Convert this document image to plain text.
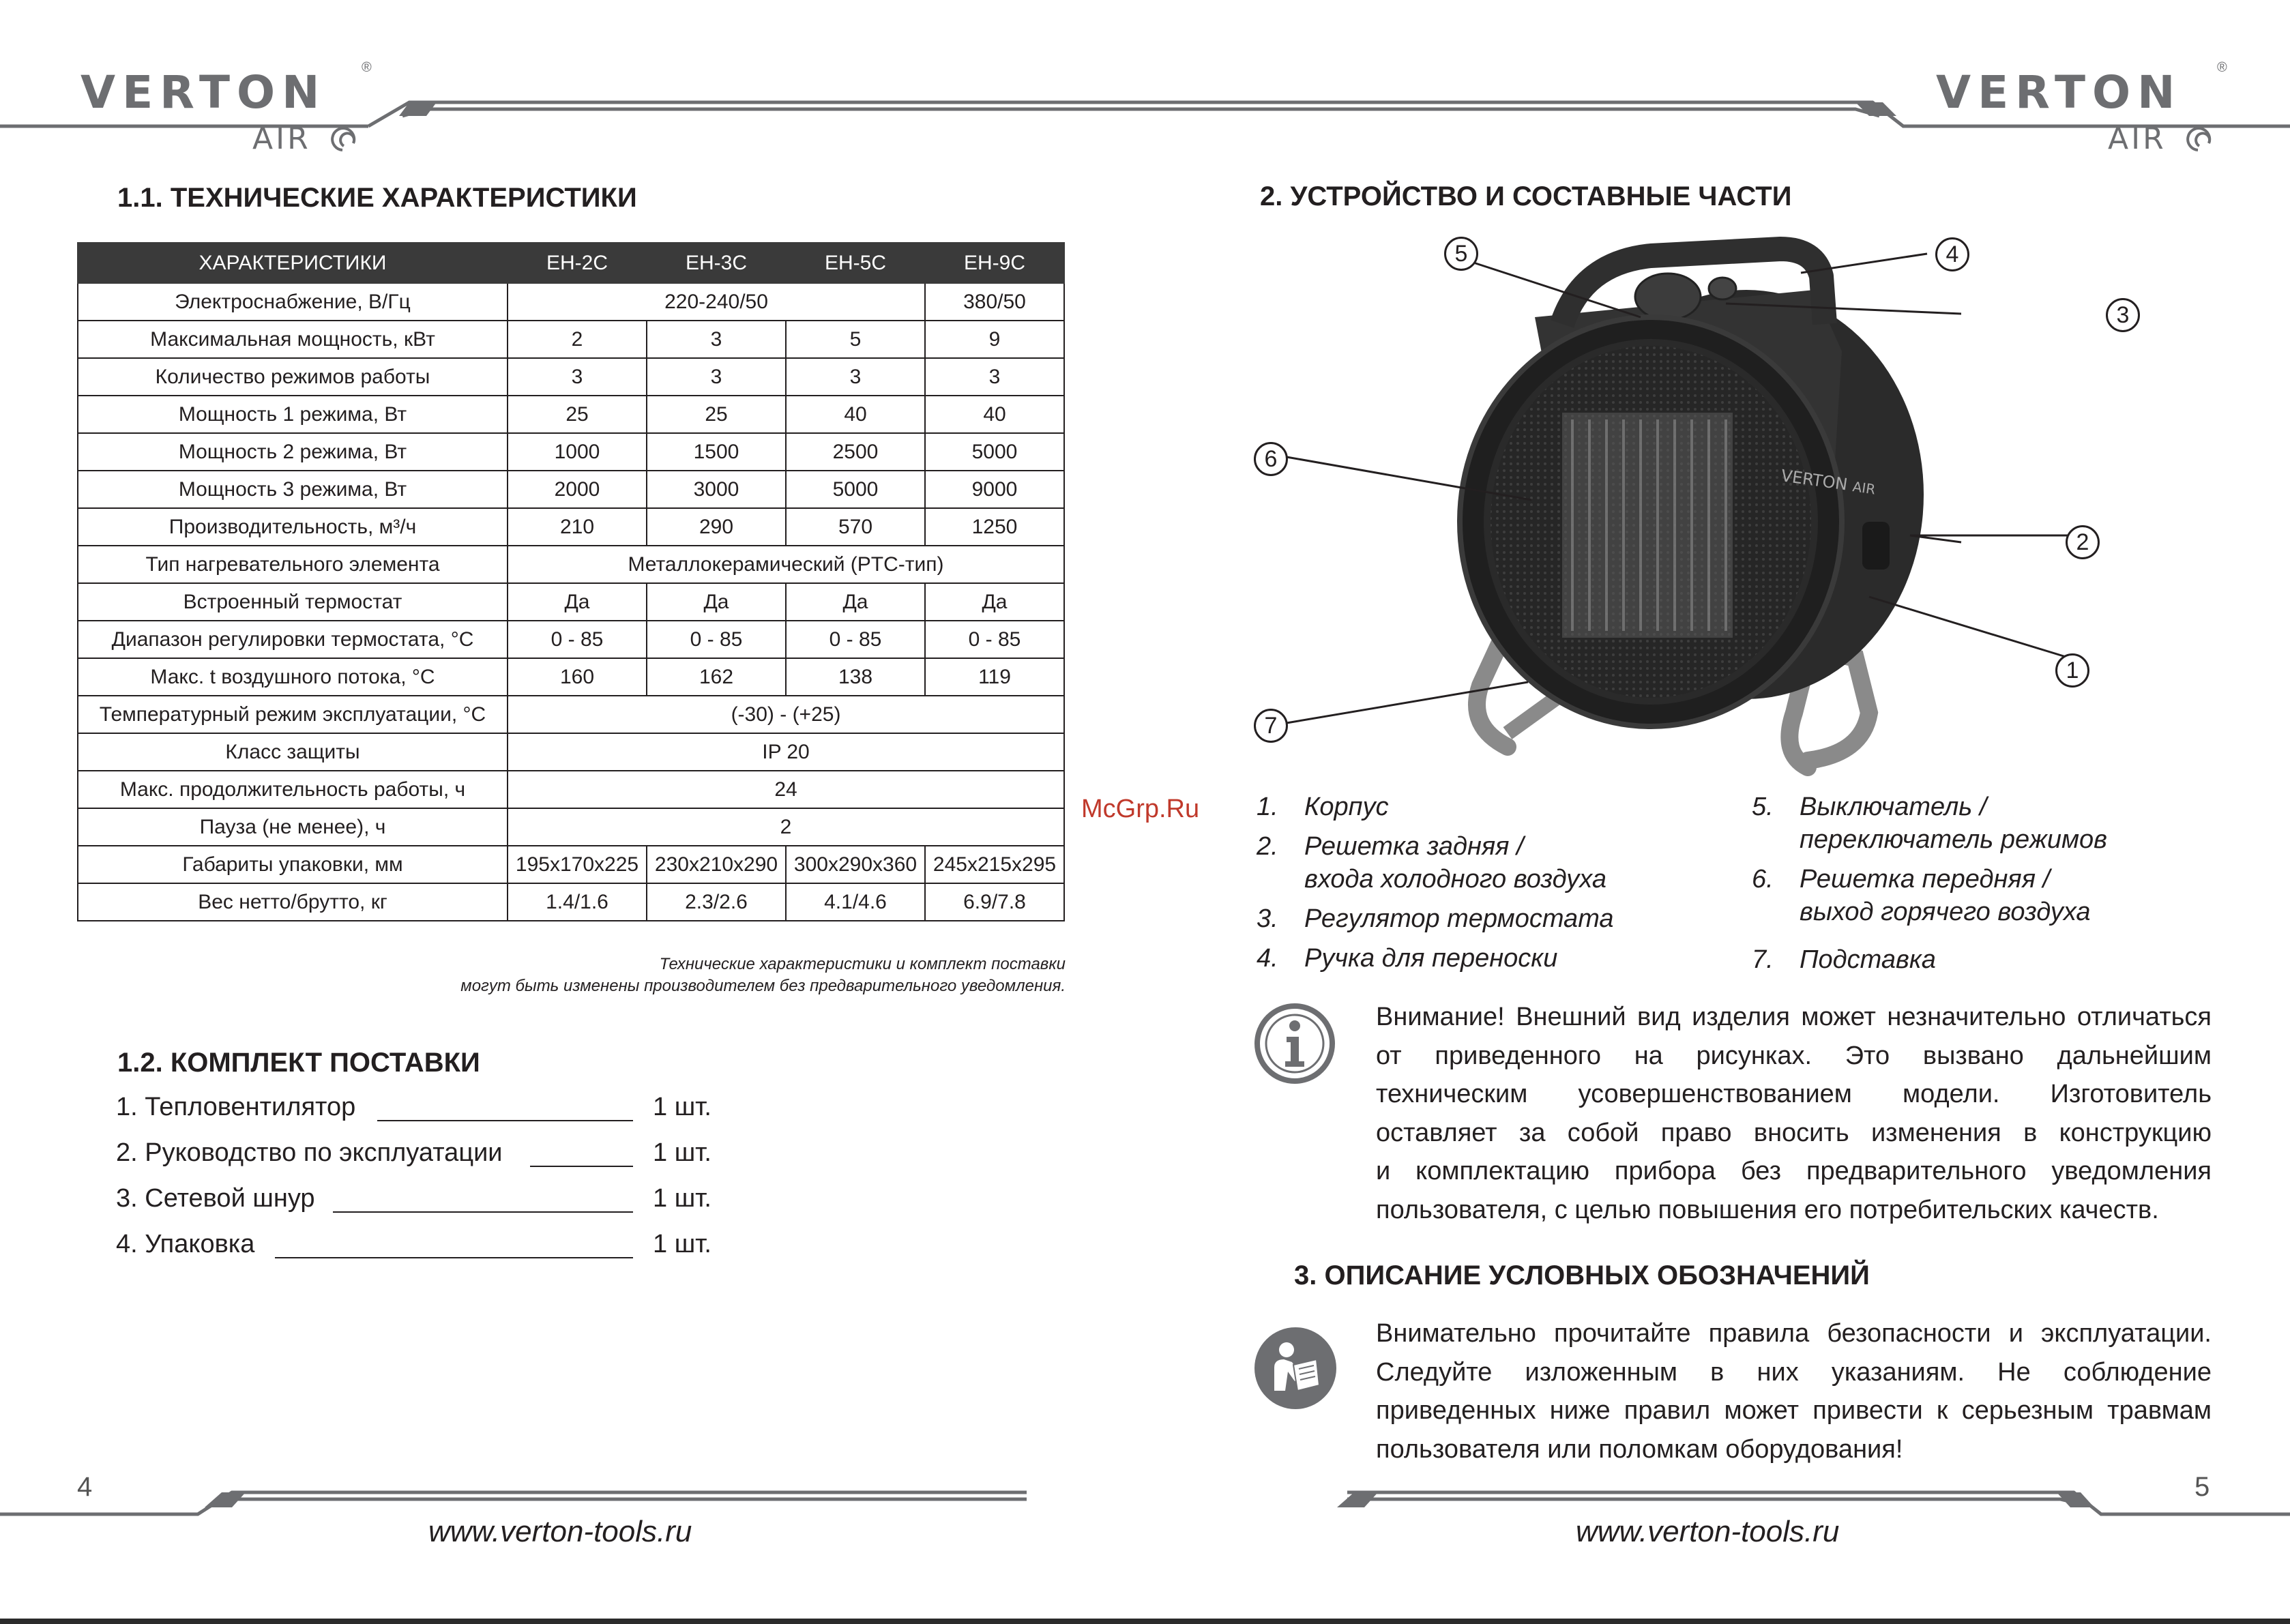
VERTON	®
AIR
VERTON	®
AIR
1.1. ТЕХНИЧЕСКИЕ ХАРАКТЕРИСТИКИ
ХАРАКТЕРИСТИКИ	EH-2C	EH-3C	EH-5C	EH-9C
Электроснабжение, В/Гц	220-240/50			380/50
Максимальная мощность, кВт	2	3	5	9
Количество режимов работы	3	3	3	3
Мощность 1 режима, Вт	25	25	40	40
Мощность 2 режима, Вт	1000	1500	2500	5000
Мощность 3 режима, Вт	2000	3000	5000	9000
Производительность, м³/ч	210	290	570	1250
Тип нагревательного элемента	Металлокерамический (PTC-тип)			
Встроенный термостат	Да	Да	Да	Да
Диапазон регулировки термостата, °С	0 - 85	0 - 85	0 - 85	0 - 85
Макс. t воздушного потока, °С	160	162	138	119
Температурный режим эксплуатации, °С	(-30) - (+25)			
Класс защиты	IP 20			
Макс. продолжительность работы, ч	24			
Пауза (не менее), ч	2			
Габариты упаковки, мм	195x170x225	230x210x290	300x290x360	245x215x295
Вес нетто/брутто, кг	1.4/1.6	2.3/2.6	4.1/4.6	6.9/7.8
Технические характеристики и комплект поставки
могут быть изменены производителем без предварительного уведомления.
1.2. КОМПЛЕКТ ПОСТАВКИ
1. Тепловентилятор	1 шт.
2. Руководство по эксплуатации	1 шт.
3. Сетевой шнур	1 шт.
4. Упаковка	1 шт.
McGrp.Ru
2. УСТРОЙСТВО И СОСТАВНЫЕ ЧАСТИ
VERTON AIR
5	4
3
6
2
1
7
1. Корпус
2. Решетка задняя /
входа холодного воздуха
3. Регулятор термостата
4. Ручка для переноски
5. Выключатель /
переключатель режимов
6. Решетка передняя /
выход горячего воздуха
7. Подставка
Внимание! Внешний вид изделия может незначительно отличаться
от приведенного на рисунках. Это вызвано дальнейшим
техническим усовершенствованием модели. Изготовитель
оставляет за собой право вносить изменения в конструкцию
и комплектацию прибора без предварительного уведомления
пользователя, с целью повышения его потребительских качеств.
3. ОПИСАНИЕ УСЛОВНЫХ ОБОЗНАЧЕНИЙ
Внимательно прочитайте правила безопасности и эксплуатации.
Следуйте изложенным в них указаниям. Не соблюдение
приведенных ниже правил может привести к серьезным травмам
пользователя или поломкам оборудования!
4	5
www.verton-tools.ru	www.verton-tools.ru
